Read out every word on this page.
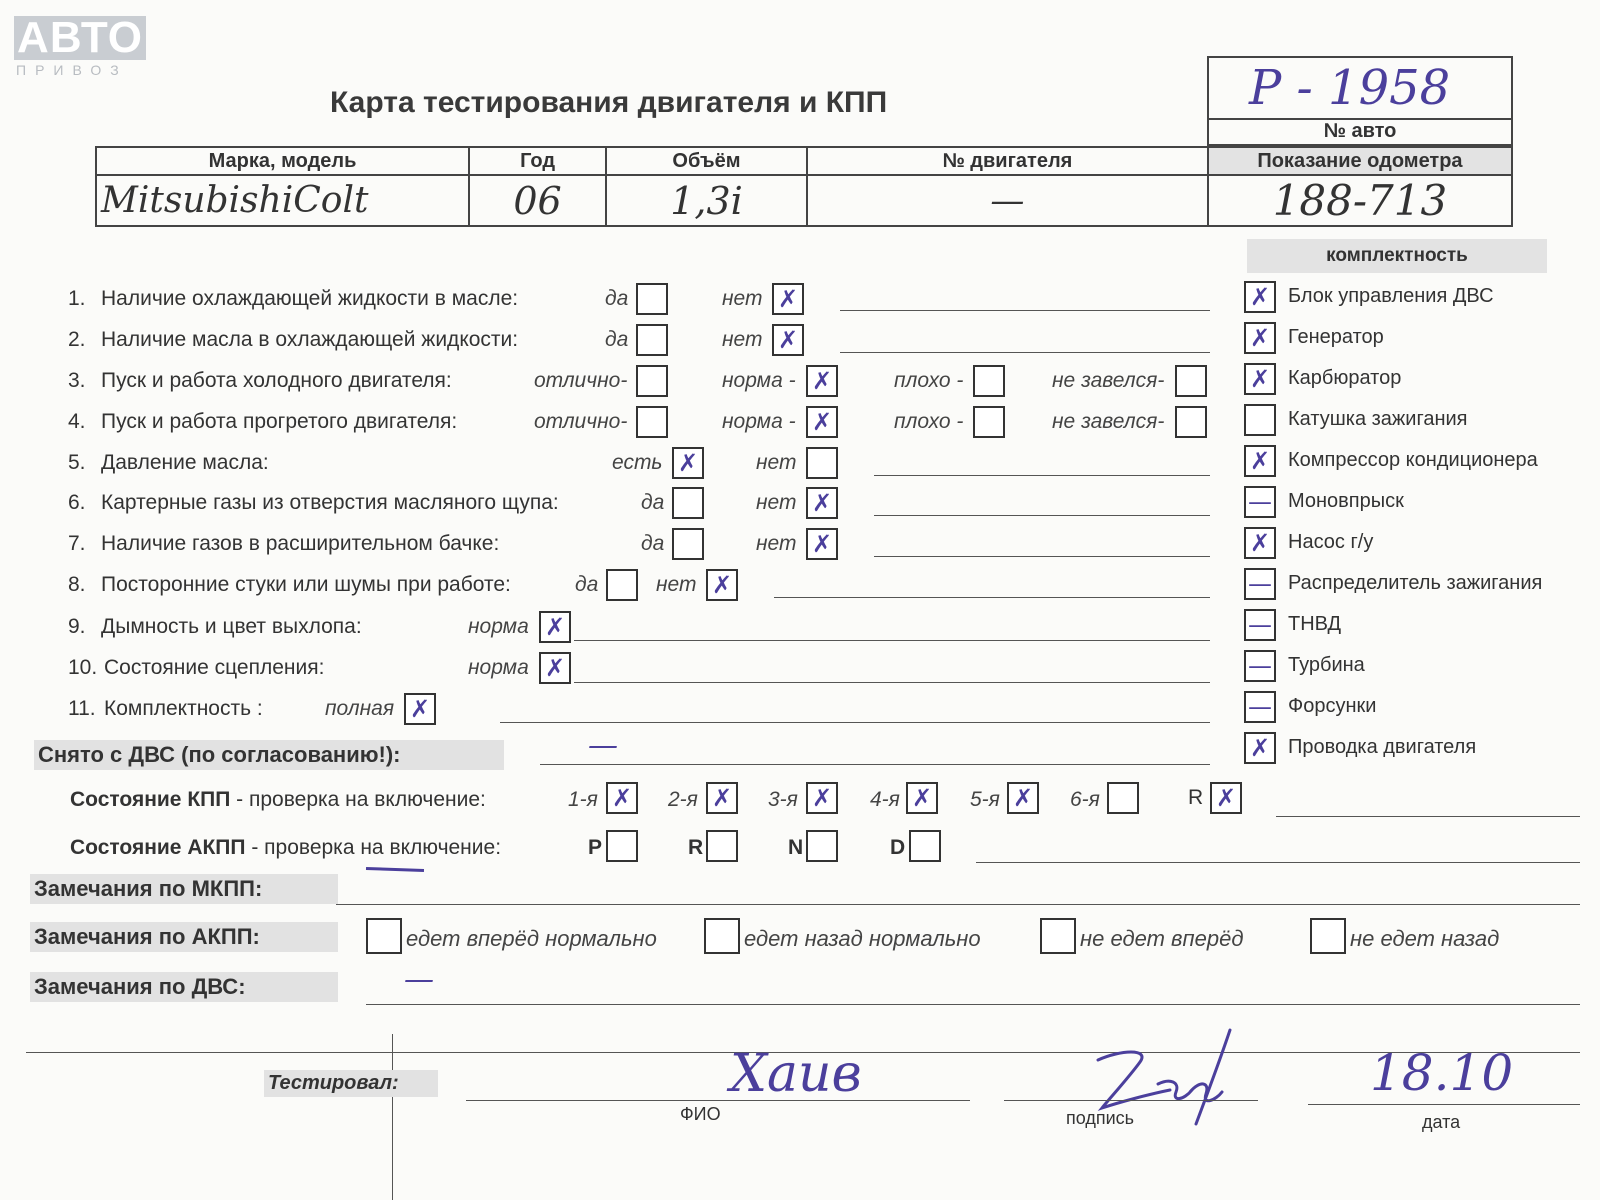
АВТО
ПРИВОЗ
Карта тестирования двигателя и КПП	Р - 1958
№ авто
Марка, модель	Год	Объём	№ двигателя	Показание одометра
MitsubishiColt	06	1,3i	—	188-713
комплектность
1. Наличие охлаждающей жидкости в масле:	да	нет ✗
2. Наличие масла в охлаждающей жидкости:	да	нет ✗
3. Пуск и работа холодного двигателя:	отлично-	норма - ✗	плохо -	не завелся-
4. Пуск и работа прогретого двигателя:	отлично-	норма - ✗	плохо -	не завелся-
5. Давление масла:	есть ✗	нет
6. Картерные газы из отверстия масляного щупа:	да	нет ✗
7. Наличие газов в расширительном бачке:	да	нет ✗
8. Посторонние стуки или шумы при работе:	да	нет ✗
9. Дымность и цвет выхлопа:	норма ✗
10. Состояние сцепления:	норма ✗
11. Комплектность :	полная ✗
Снято с ДВС (по согласованию!):	—
✗ Блок управления ДВС
✗ Генератор
✗ Карбюратор
Катушка зажигания
✗ Компрессор кондиционера
— Моновпрыск
✗ Насос г/у
— Распределитель зажигания
— ТНВД
— Турбина
— Форсунки
✗ Проводка двигателя
Состояние КПП - проверка на включение:	1-я ✗ 2-я ✗ 3-я ✗ 4-я ✗ 5-я ✗ 6-я	R ✗
Состояние АКПП - проверка на включение:	P	R	N	D
Замечания по МКПП:
Замечания по АКПП:	едет вперёд нормально	едет назад нормально	не едет вперёд	не едет назад
Замечания по ДВС:	—
Тестировал:	Хаив
ФИО	подпись
18.10
дата
